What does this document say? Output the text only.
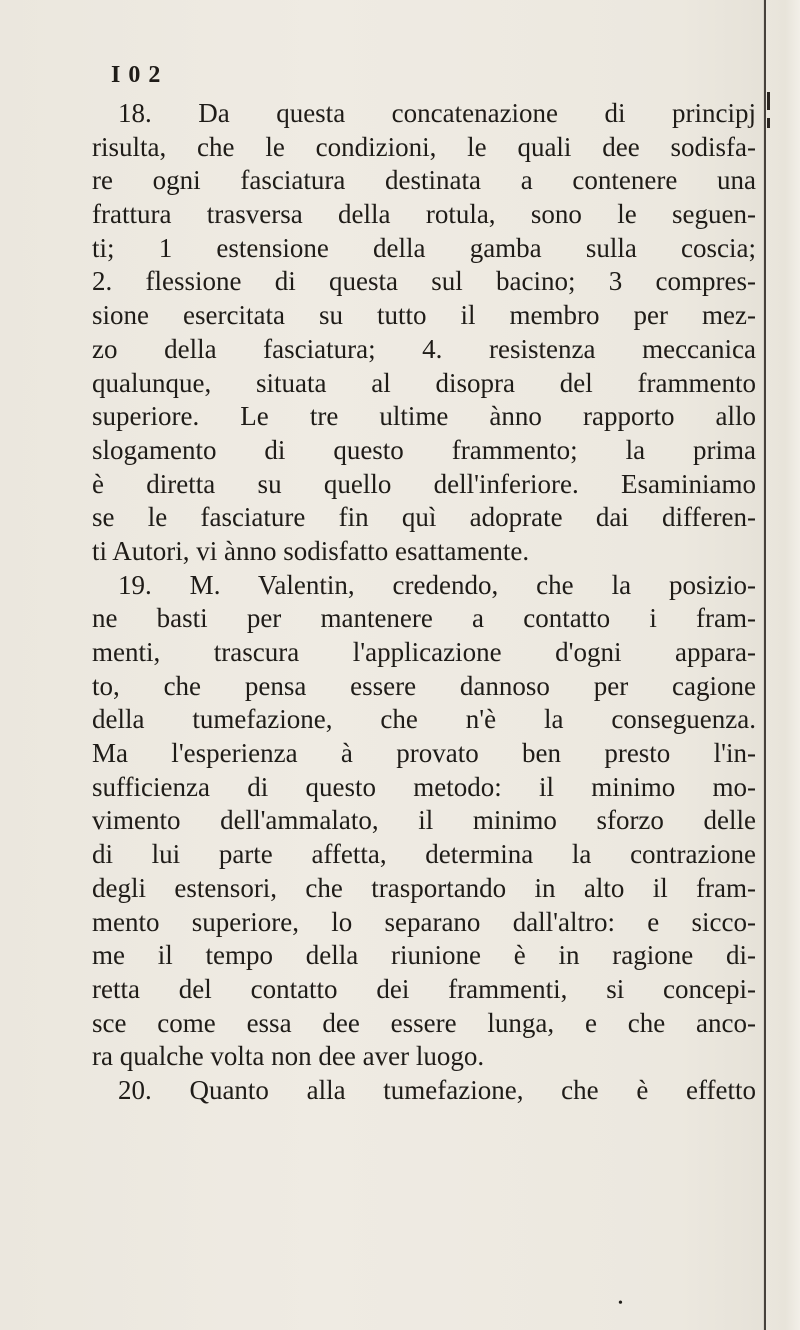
I 0 2
18. Da questa concatenazione di principj
risulta, che le condizioni, le quali dee sodisfa-
re ogni fasciatura destinata a contenere una
frattura trasversa della rotula, sono le seguen-
ti; 1 estensione della gamba sulla coscia;
2. flessione di questa sul bacino; 3 compres-
sione esercitata su tutto il membro per mez-
zo della fasciatura; 4. resistenza meccanica
qualunque, situata al disopra del frammento
superiore. Le tre ultime ànno rapporto allo
slogamento di questo frammento; la prima
è diretta su quello dell'inferiore. Esaminiamo
se le fasciature fin quì adoprate dai differen-
ti Autori, vi ànno sodisfatto esattamente.
19. M. Valentin, credendo, che la posizio-
ne basti per mantenere a contatto i fram-
menti, trascura l'applicazione d'ogni appara-
to, che pensa essere dannoso per cagione
della tumefazione, che n'è la conseguenza.
Ma l'esperienza à provato ben presto l'in-
sufficienza di questo metodo: il minimo mo-
vimento dell'ammalato, il minimo sforzo delle
di lui parte affetta, determina la contrazione
degli estensori, che trasportando in alto il fram-
mento superiore, lo separano dall'altro: e sicco-
me il tempo della riunione è in ragione di-
retta del contatto dei frammenti, si concepi-
sce come essa dee essere lunga, e che anco-
ra qualche volta non dee aver luogo.
20. Quanto alla tumefazione, che è effetto
•
